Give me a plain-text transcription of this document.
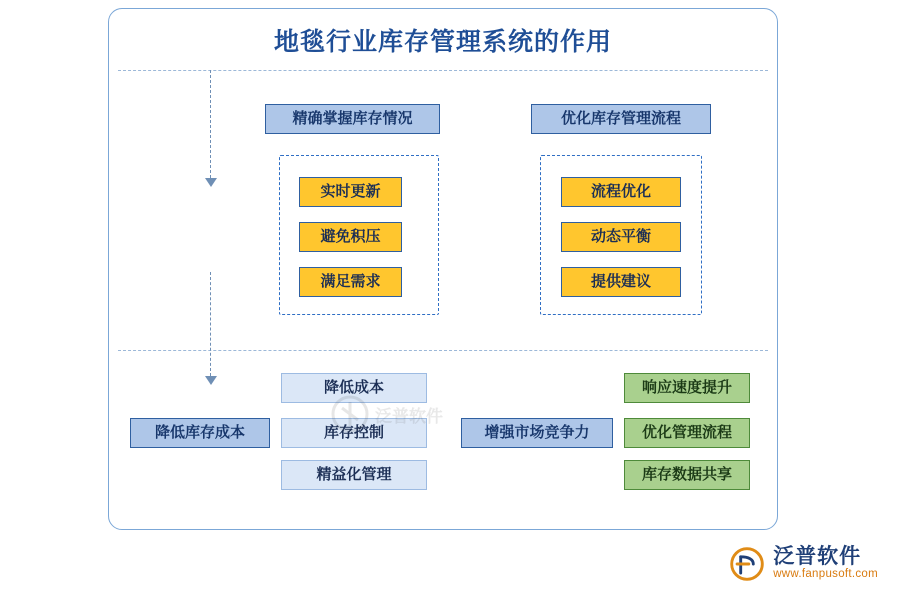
地毯行业库存管理系统的作用
精确掌握库存情况
实时更新
避免积压
满足需求
优化库存管理流程
流程优化
动态平衡
提供建议
降低库存成本
降低成本
库存控制
精益化管理
增强市场竞争力
响应速度提升
优化管理流程
库存数据共享
泛普软件
www.fanpusoft.com
